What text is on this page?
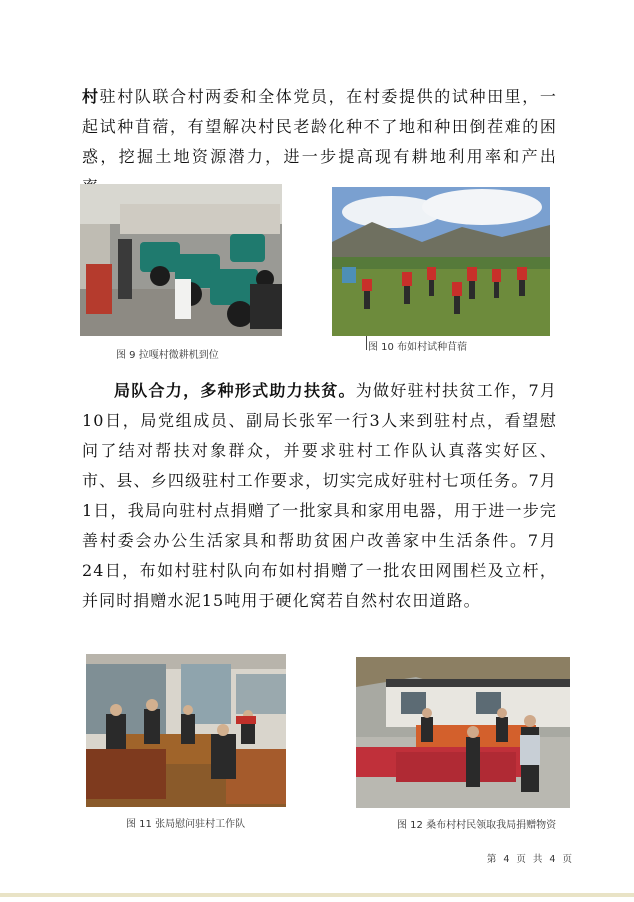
村驻村队联合村两委和全体党员，在村委提供的试种田里，一起试种苜蓿，有望解决村民老龄化种不了地和种田倒茬难的困惑，挖掘土地资源潜力，进一步提高现有耕地利用率和产出

图 9 拉嘎村微耕机到位
图 10 布如村试种苜蓿

局队合力，多种形式助力扶贫。为做好驻村扶贫工作，7月10日，局党组成员、副局长张军一行3人来到驻村点，看望慰问了结对帮扶对象群众，并要求驻村工作队认真落实好区、市、县、乡四级驻村工作要求，切实完成好驻村七项任务。7月1日，我局向驻村点捐赠了一批家具和家用电器，用于进一步完善村委会办公生活家具和帮助贫困户改善家中生活条件。7月24日，布如村驻村队向布如村捐赠了一批农田网围栏及立杆，并同时捐赠水泥15吨用于硬化窝若自然村农田道路。

图 11 张局慰问驻村工作队	图 12 桑布村村民领取我局捐赠物资
第 4 页 共 4 页
